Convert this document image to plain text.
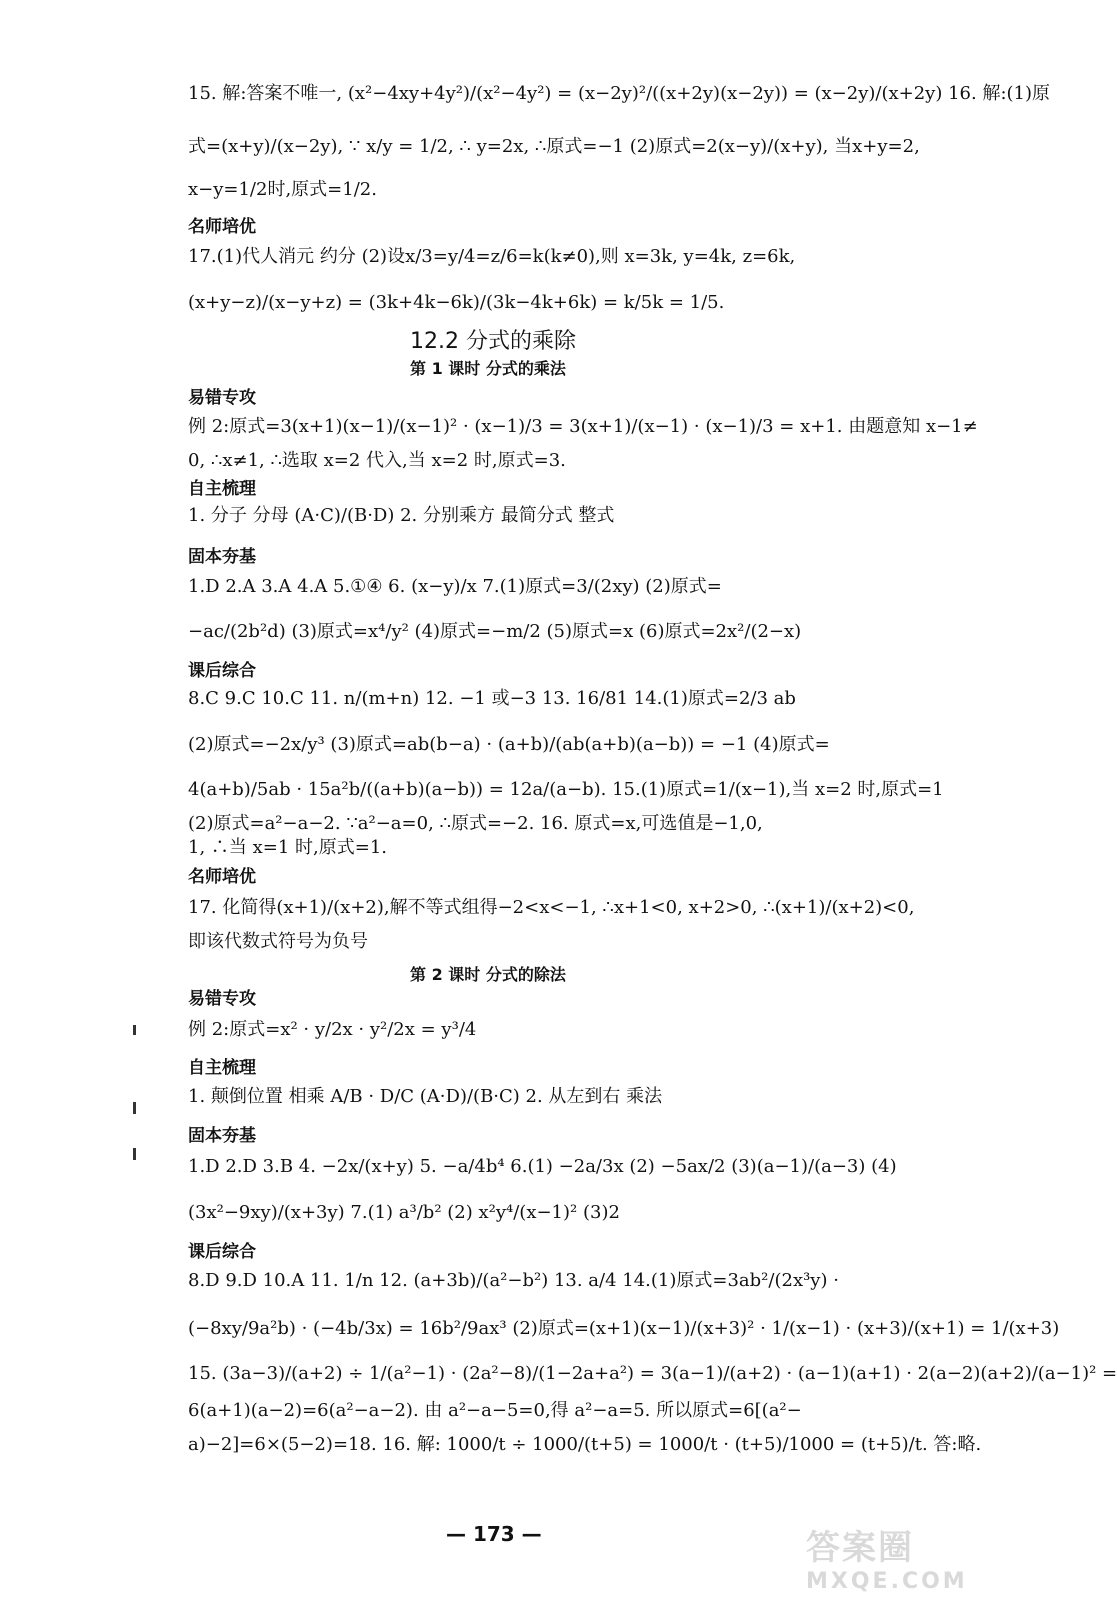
15. 解:答案不唯一, (x²−4xy+4y²)/(x²−4y²) = (x−2y)²/((x+2y)(x−2y)) = (x−2y)/(x+2y) 16. 解:(1)原
式=(x+y)/(x−2y), ∵ x/y = 1/2, ∴ y=2x, ∴原式=−1 (2)原式=2(x−y)/(x+y), 当x+y=2,
x−y=1/2时,原式=1/2.
名师培优
17.(1)代人消元 约分 (2)设x/3=y/4=z/6=k(k≠0),则 x=3k, y=4k, z=6k,
(x+y−z)/(x−y+z) = (3k+4k−6k)/(3k−4k+6k) = k/5k = 1/5.
12.2 分式的乘除
第 1 课时 分式的乘法
易错专攻
例 2:原式=3(x+1)(x−1)/(x−1)² · (x−1)/3 = 3(x+1)/(x−1) · (x−1)/3 = x+1. 由题意知 x−1≠
0, ∴x≠1, ∴选取 x=2 代入,当 x=2 时,原式=3.
自主梳理
1. 分子 分母 (A·C)/(B·D) 2. 分别乘方 最简分式 整式
固本夯基
1.D 2.A 3.A 4.A 5.①④ 6. (x−y)/x 7.(1)原式=3/(2xy) (2)原式=
−ac/(2b²d) (3)原式=x⁴/y² (4)原式=−m/2 (5)原式=x (6)原式=2x²/(2−x)
课后综合
8.C 9.C 10.C 11. n/(m+n) 12. −1 或−3 13. 16/81 14.(1)原式=2/3 ab
(2)原式=−2x/y³ (3)原式=ab(b−a) · (a+b)/(ab(a+b)(a−b)) = −1 (4)原式=
4(a+b)/5ab · 15a²b/((a+b)(a−b)) = 12a/(a−b). 15.(1)原式=1/(x−1),当 x=2 时,原式=1
(2)原式=a²−a−2. ∵a²−a=0, ∴原式=−2. 16. 原式=x,可选值是−1,0,
1, ∴当 x=1 时,原式=1.
名师培优
17. 化简得(x+1)/(x+2),解不等式组得−2<x<−1, ∴x+1<0, x+2>0, ∴(x+1)/(x+2)<0,
即该代数式符号为负号
第 2 课时 分式的除法
易错专攻
例 2:原式=x² · y/2x · y²/2x = y³/4
自主梳理
1. 颠倒位置 相乘 A/B · D/C (A·D)/(B·C) 2. 从左到右 乘法
固本夯基
1.D 2.D 3.B 4. −2x/(x+y) 5. −a/4b⁴ 6.(1) −2a/3x (2) −5ax/2 (3)(a−1)/(a−3) (4)
(3x²−9xy)/(x+3y) 7.(1) a³/b² (2) x²y⁴/(x−1)² (3)2
课后综合
8.D 9.D 10.A 11. 1/n 12. (a+3b)/(a²−b²) 13. a/4 14.(1)原式=3ab²/(2x³y) ·
(−8xy/9a²b) · (−4b/3x) = 16b²/9ax³ (2)原式=(x+1)(x−1)/(x+3)² · 1/(x−1) · (x+3)/(x+1) = 1/(x+3)
15. (3a−3)/(a+2) ÷ 1/(a²−1) · (2a²−8)/(1−2a+a²) = 3(a−1)/(a+2) · (a−1)(a+1) · 2(a−2)(a+2)/(a−1)² =
6(a+1)(a−2)=6(a²−a−2). 由 a²−a−5=0,得 a²−a=5. 所以原式=6[(a²−
a)−2]=6×(5−2)=18. 16. 解: 1000/t ÷ 1000/(t+5) = 1000/t · (t+5)/1000 = (t+5)/t. 答:略.
— 173 —	答案圈
MXQE.COM
